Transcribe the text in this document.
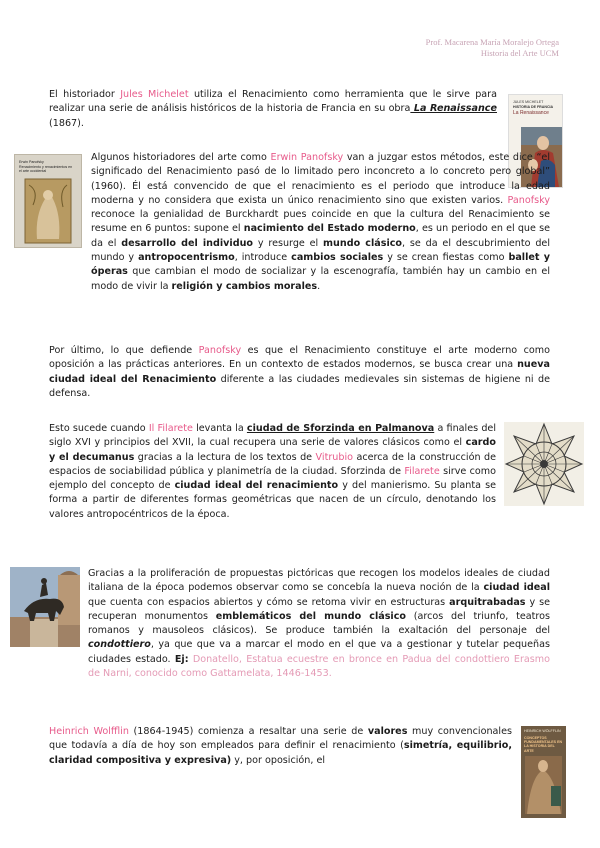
Prof. Macarena María Moralejo Ortega
Historia del Arte UCM

El historiador Jules Michelet utiliza el Renacimiento como herramienta que le sirve para realizar una serie de análisis históricos de la historia de Francia en su obra La Renaissance (1867).

JULES MICHELET
HISTORIA DE FRANCIA
La Renaissance
Erwin Panofsky
Renacimiento y renacimientos en el arte occidental

Algunos historiadores del arte como Erwin Panofsky van a juzgar estos métodos, este dice “el significado del Renacimiento pasó de lo limitado pero inconcreto a lo concreto pero global” (1960). Él está convencido de que el renacimiento es el periodo que introduce la edad moderna y no considera que exista un único renacimiento sino que existen varios. Panofsky reconoce la genialidad de Burckhardt pues coincide en que la cultura del Renacimiento se resume en 6 puntos: supone el nacimiento del Estado moderno, es un periodo en el que se da el desarrollo del individuo y resurge el mundo clásico, se da el descubrimiento del mundo y antropocentrismo, introduce cambios sociales y se crean fiestas como ballet y óperas que cambian el modo de socializar y la escenografía, también hay un cambio en el modo de vivir la religión y cambios morales.

Por último, lo que defiende Panofsky es que el Renacimiento constituye el arte moderno como oposición a las prácticas anteriores. En un contexto de estados modernos, se busca crear una nueva ciudad ideal del Renacimiento diferente a las ciudades medievales sin sistemas de higiene ni de defensa.

Esto sucede cuando Il Filarete levanta la ciudad de Sforzinda en Palmanova a finales del siglo XVI y principios del XVII, la cual recupera una serie de valores clásicos como el cardo y el decumanus gracias a la lectura de los textos de Vitrubio acerca de la construcción de espacios de sociabilidad pública y planimetría de la ciudad. Sforzinda de Filarete sirve como ejemplo del concepto de ciudad ideal del renacimiento y del manierismo. Su planta se forma a partir de diferentes formas geométricas que nacen de un círculo, denotando los valores antropocéntricos de la época.

Gracias a la proliferación de propuestas pictóricas que recogen los modelos ideales de ciudad italiana de la época podemos observar como se concebía la nueva noción de la ciudad ideal que cuenta con espacios abiertos y cómo se retoma vivir en estructuras arquitrabadas y se recuperan monumentos emblemáticos del mundo clásico (arcos del triunfo, teatros romanos y mausoleos clásicos). Se produce también la exaltación del personaje del condottiero, ya que que va a marcar el modo en el que va a gestionar y tutelar pequeñas ciudades estado. Ej: Donatello, Estatua ecuestre en bronce en Padua del condottiero Erasmo de Narni, conocido como Gattamelata, 1446-1453.

Heinrich Wolfflin (1864-1945) comienza a resaltar una serie de valores muy convencionales que todavía a día de hoy son empleados para definir el renacimiento (simetría, equilibrio, claridad compositiva y expresiva) y, por oposición, el

HEINRICH WÖLFFLIN
CONCEPTOS FUNDAMENTALES EN LA HISTORIA DEL ARTE
